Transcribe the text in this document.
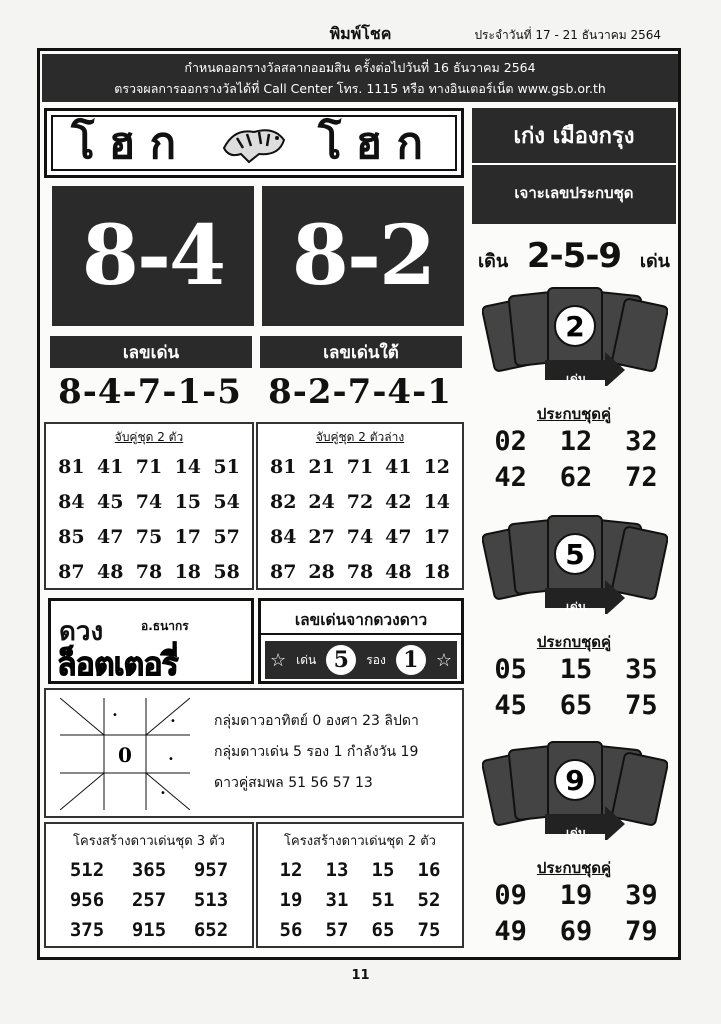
พิมพ์โชค	ประจำวันที่ 17 - 21 ธันวาคม 2564
กำหนดออกรางวัลสลากออมสิน ครั้งต่อไปวันที่ 16 ธันวาคม 2564
ตรวจผลการออกรางวัลได้ที่ Call Center โทร. 1115 หรือ ทางอินเตอร์เน็ต www.gsb.or.th
โฮก	โฮก
8-4 8-2
เลขเด่น	เลขเด่นใต้
8-4-7-1-5 8-2-7-4-1
จับคู่ชุด 2 ตัว
81 41 71 14 51
84 45 74 15 54
85 47 75 17 57
87 48 78 18 58
จับคู่ชุด 2 ตัวล่าง
81 21 71 41 12
82 24 72 42 14
84 27 74 47 17
87 28 78 48 18
ดวง	อ.ธนากร
ล็อตเตอรี่
เลขเด่นจากดวงดาว
☆ เด่น 5	รอง 1 ☆
0
•
•
•
•
กลุ่มดาวอาทิตย์ 0 องศา 23 ลิปดา
กลุ่มดาวเด่น 5 รอง 1 กำลังวัน 19
ดาวคู่สมพล 51 56 57 13
โครงสร้างดาวเด่นชุด 3 ตัว
512	365	957
956	257	513
375	915	652
โครงสร้างดาวเด่นชุด 2 ตัว
12	13	15	16
19	31	51	52
56	57	65	75
เก่ง เมืองกรุง
เจาะเลขประกบชุด
เดิน 2-5-9 เด่น
2
เด่น
ประกบชุดคู่
02	12	32
42	62	72
5
เด่น
ประกบชุดคู่
05	15	35
45	65	75
9
เด่น
ประกบชุดคู่
09	19	39
49	69	79
11
